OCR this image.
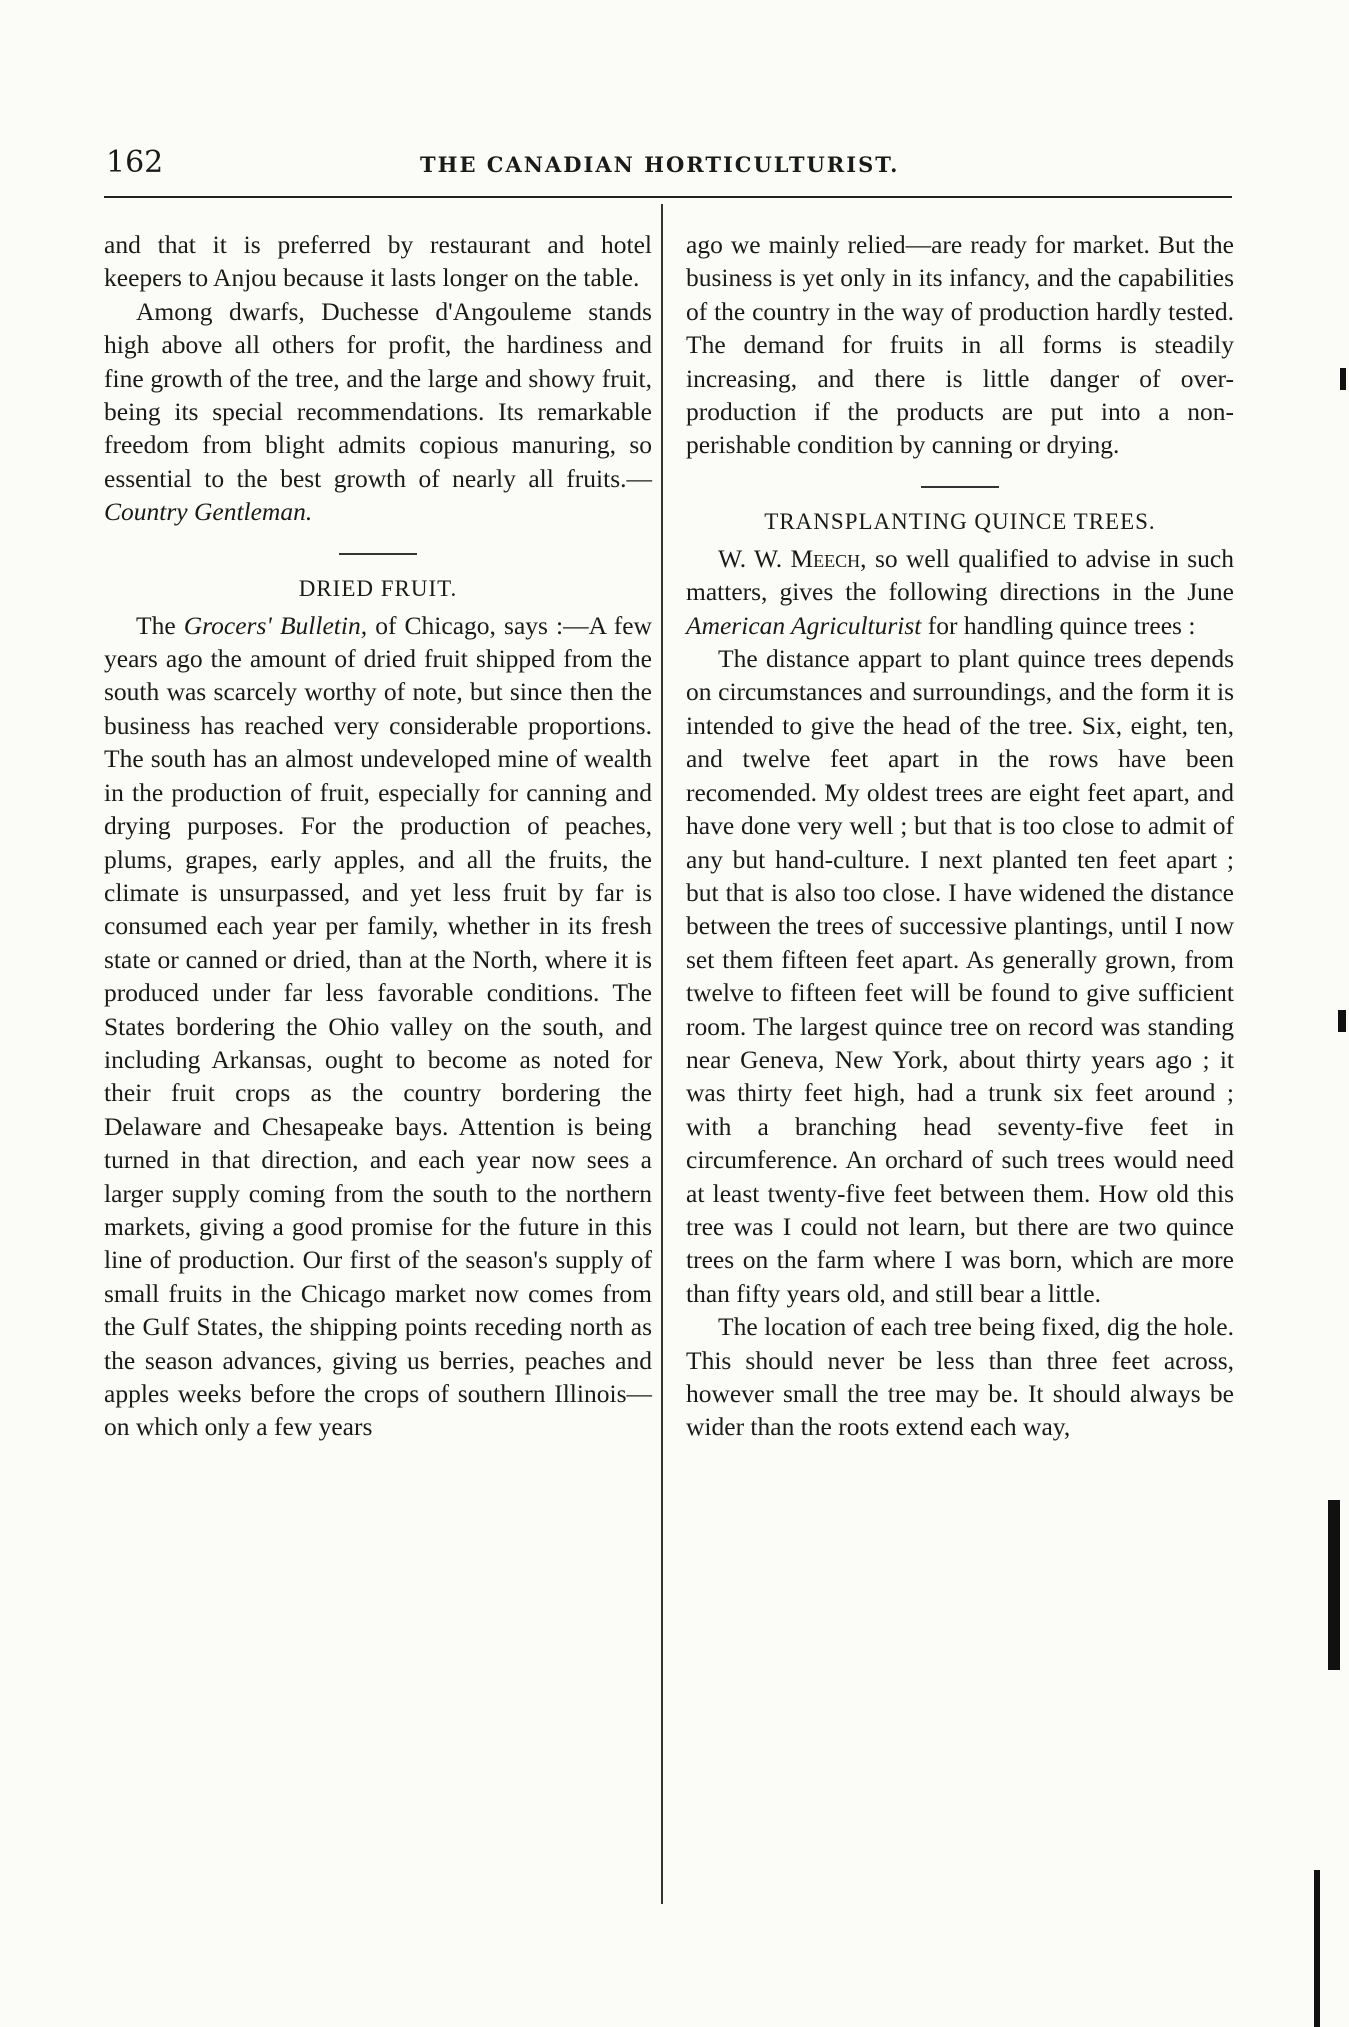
162	THE CANADIAN HORTICULTURIST.

and that it is preferred by restaurant and hotel keepers to Anjou because it lasts longer on the table.

Among dwarfs, Duchesse d'Angouleme stands high above all others for profit, the hardiness and fine growth of the tree, and the large and showy fruit, being its special recommendations. Its remarkable freedom from blight admits copious manuring, so essential to the best growth of nearly all fruits.— Country Gentleman.

DRIED FRUIT.

The Grocers' Bulletin, of Chicago, says :—A few years ago the amount of dried fruit shipped from the south was scarcely worthy of note, but since then the business has reached very considerable proportions. The south has an almost undeveloped mine of wealth in the production of fruit, especially for canning and drying purposes. For the production of peaches, plums, grapes, early apples, and all the fruits, the climate is unsurpassed, and yet less fruit by far is consumed each year per family, whether in its fresh state or canned or dried, than at the North, where it is produced under far less favorable conditions. The States bordering the Ohio valley on the south, and including Arkansas, ought to become as noted for their fruit crops as the country bordering the Delaware and Chesapeake bays. Attention is being turned in that direction, and each year now sees a larger supply coming from the south to the northern markets, giving a good promise for the future in this line of production. Our first of the season's supply of small fruits in the Chicago market now comes from the Gulf States, the shipping points receding north as the season advances, giving us berries, peaches and apples weeks before the crops of southern Illinois—on which only a few years

ago we mainly relied—are ready for market. But the business is yet only in its infancy, and the capabilities of the country in the way of production hardly tested. The demand for fruits in all forms is steadily increasing, and there is little danger of over-production if the products are put into a non-perishable condition by canning or drying.

TRANSPLANTING QUINCE TREES.

W. W. Meech, so well qualified to advise in such matters, gives the following directions in the June American Agriculturist for handling quince trees :

The distance appart to plant quince trees depends on circumstances and surroundings, and the form it is intended to give the head of the tree. Six, eight, ten, and twelve feet apart in the rows have been recomended. My oldest trees are eight feet apart, and have done very well ; but that is too close to admit of any but hand-culture. I next planted ten feet apart ; but that is also too close. I have widened the distance between the trees of successive plantings, until I now set them fifteen feet apart. As generally grown, from twelve to fifteen feet will be found to give sufficient room. The largest quince tree on record was standing near Geneva, New York, about thirty years ago ; it was thirty feet high, had a trunk six feet around ; with a branching head seventy-five feet in circumference. An orchard of such trees would need at least twenty-five feet between them. How old this tree was I could not learn, but there are two quince trees on the farm where I was born, which are more than fifty years old, and still bear a little.

The location of each tree being fixed, dig the hole. This should never be less than three feet across, however small the tree may be. It should always be wider than the roots extend each way,
